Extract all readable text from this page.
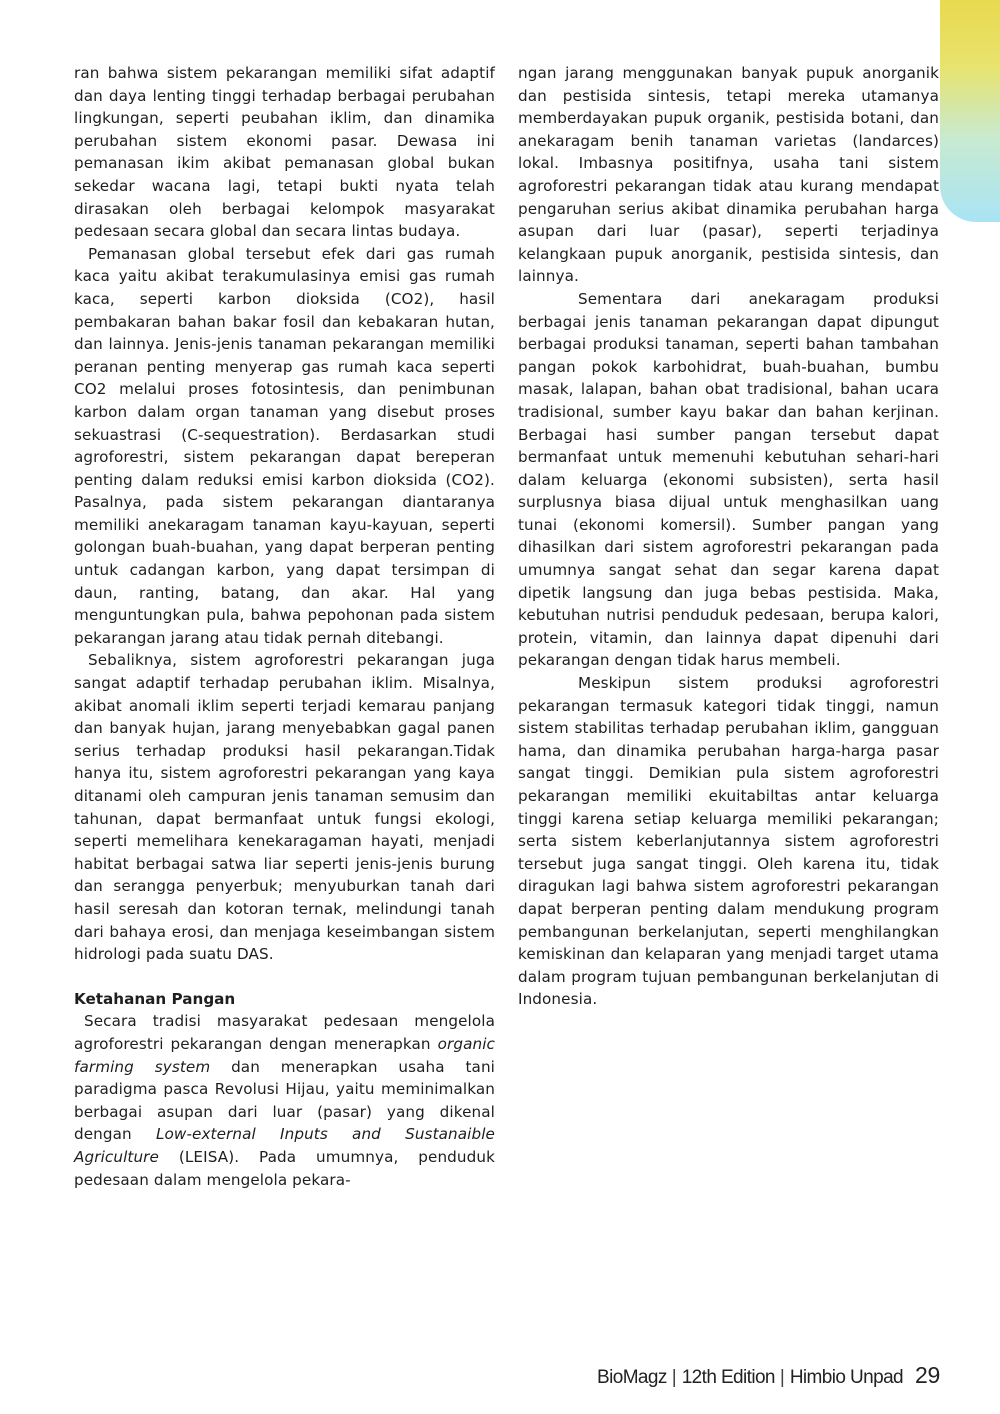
ran bahwa sistem pekarangan memiliki sifat adaptif dan daya lenting tinggi terhadap berbagai perubahan lingkungan, seperti peubahan iklim, dan dinamika perubahan sistem ekonomi pasar. Dewasa ini pemanasan ikim akibat pemanasan global bukan sekedar wacana lagi, tetapi bukti nyata telah dirasakan oleh berbagai kelompok masyarakat pedesaan secara global dan secara lintas budaya.

Pemanasan global tersebut efek dari gas rumah kaca yaitu akibat terakumulasinya emisi gas rumah kaca, seperti karbon dioksida (CO2), hasil pembakaran bahan bakar fosil dan kebakaran hutan, dan lainnya. Jenis-jenis tanaman pekarangan memiliki peranan penting menyerap gas rumah kaca seperti CO2 melalui proses fotosintesis, dan penimbunan karbon dalam organ tanaman yang disebut proses sekuastrasi (C-sequestration). Berdasarkan studi agroforestri, sistem pekarangan dapat bereperan penting dalam reduksi emisi karbon dioksida (CO2). Pasalnya, pada sistem pekarangan diantaranya memiliki anekaragam tanaman kayu-kayuan, seperti golongan buah-buahan, yang dapat berperan penting untuk cadangan karbon, yang dapat tersimpan di daun, ranting, batang, dan akar. Hal yang menguntungkan pula, bahwa pepohonan pada sistem pekarangan jarang atau tidak pernah ditebangi.

Sebaliknya, sistem agroforestri pekarangan juga sangat adaptif terhadap perubahan iklim. Misalnya, akibat anomali iklim seperti terjadi kemarau panjang dan banyak hujan, jarang menyebabkan gagal panen serius terhadap produksi hasil pekarangan.Tidak hanya itu, sistem agroforestri pekarangan yang kaya ditanami oleh campuran jenis tanaman semusim dan tahunan, dapat bermanfaat untuk fungsi ekologi, seperti memelihara kenekaragaman hayati, menjadi habitat berbagai satwa liar seperti jenis-jenis burung dan serangga penyerbuk; menyuburkan tanah dari hasil seresah dan kotoran ternak, melindungi tanah dari bahaya erosi, dan menjaga keseimbangan sistem hidrologi pada suatu DAS.

Ketahanan Pangan

Secara tradisi masyarakat pedesaan mengelola agroforestri pekarangan dengan menerapkan organic farming system dan menerapkan usaha tani paradigma pasca Revolusi Hijau, yaitu meminimalkan berbagai asupan dari luar (pasar) yang dikenal dengan Low-external Inputs and Sustanaible Agriculture (LEISA). Pada umumnya, penduduk pedesaan dalam mengelola pekara-

ngan jarang menggunakan banyak pupuk anorganik dan pestisida sintesis, tetapi mereka utamanya memberdayakan pupuk organik, pestisida botani, dan anekaragam benih tanaman varietas (landarces) lokal. Imbasnya positifnya, usaha tani sistem agroforestri pekarangan tidak atau kurang mendapat pengaruhan serius akibat dinamika perubahan harga asupan dari luar (pasar), seperti terjadinya kelangkaan pupuk anorganik, pestisida sintesis, dan lainnya.

Sementara dari anekaragam produksi berbagai jenis tanaman pekarangan dapat dipungut berbagai produksi tanaman, seperti bahan tambahan pangan pokok karbohidrat, buah-buahan, bumbu masak, lalapan, bahan obat tradisional, bahan ucara tradisional, sumber kayu bakar dan bahan kerjinan. Berbagai hasi sumber pangan tersebut dapat bermanfaat untuk memenuhi kebutuhan sehari-hari dalam keluarga (ekonomi subsisten), serta hasil surplusnya biasa dijual untuk menghasilkan uang tunai (ekonomi komersil). Sumber pangan yang dihasilkan dari sistem agroforestri pekarangan pada umumnya sangat sehat dan segar karena dapat dipetik langsung dan juga bebas pestisida. Maka, kebutuhan nutrisi penduduk pedesaan, berupa kalori, protein, vitamin, dan lainnya dapat dipenuhi dari pekarangan dengan tidak harus membeli.

Meskipun sistem produksi agroforestri pekarangan termasuk kategori tidak tinggi, namun sistem stabilitas terhadap perubahan iklim, gangguan hama, dan dinamika perubahan harga-harga pasar sangat tinggi. Demikian pula sistem agroforestri pekarangan memiliki ekuitabiltas antar keluarga tinggi karena setiap keluarga memiliki pekarangan; serta sistem keberlanjutannya sistem agroforestri tersebut juga sangat tinggi. Oleh karena itu, tidak diragukan lagi bahwa sistem agroforestri pekarangan dapat berperan penting dalam mendukung program pembangunan berkelanjutan, seperti menghilangkan kemiskinan dan kelaparan yang menjadi target utama dalam program tujuan pembangunan berkelanjutan di Indonesia.

BioMagz | 12th Edition | Himbio Unpad 29
